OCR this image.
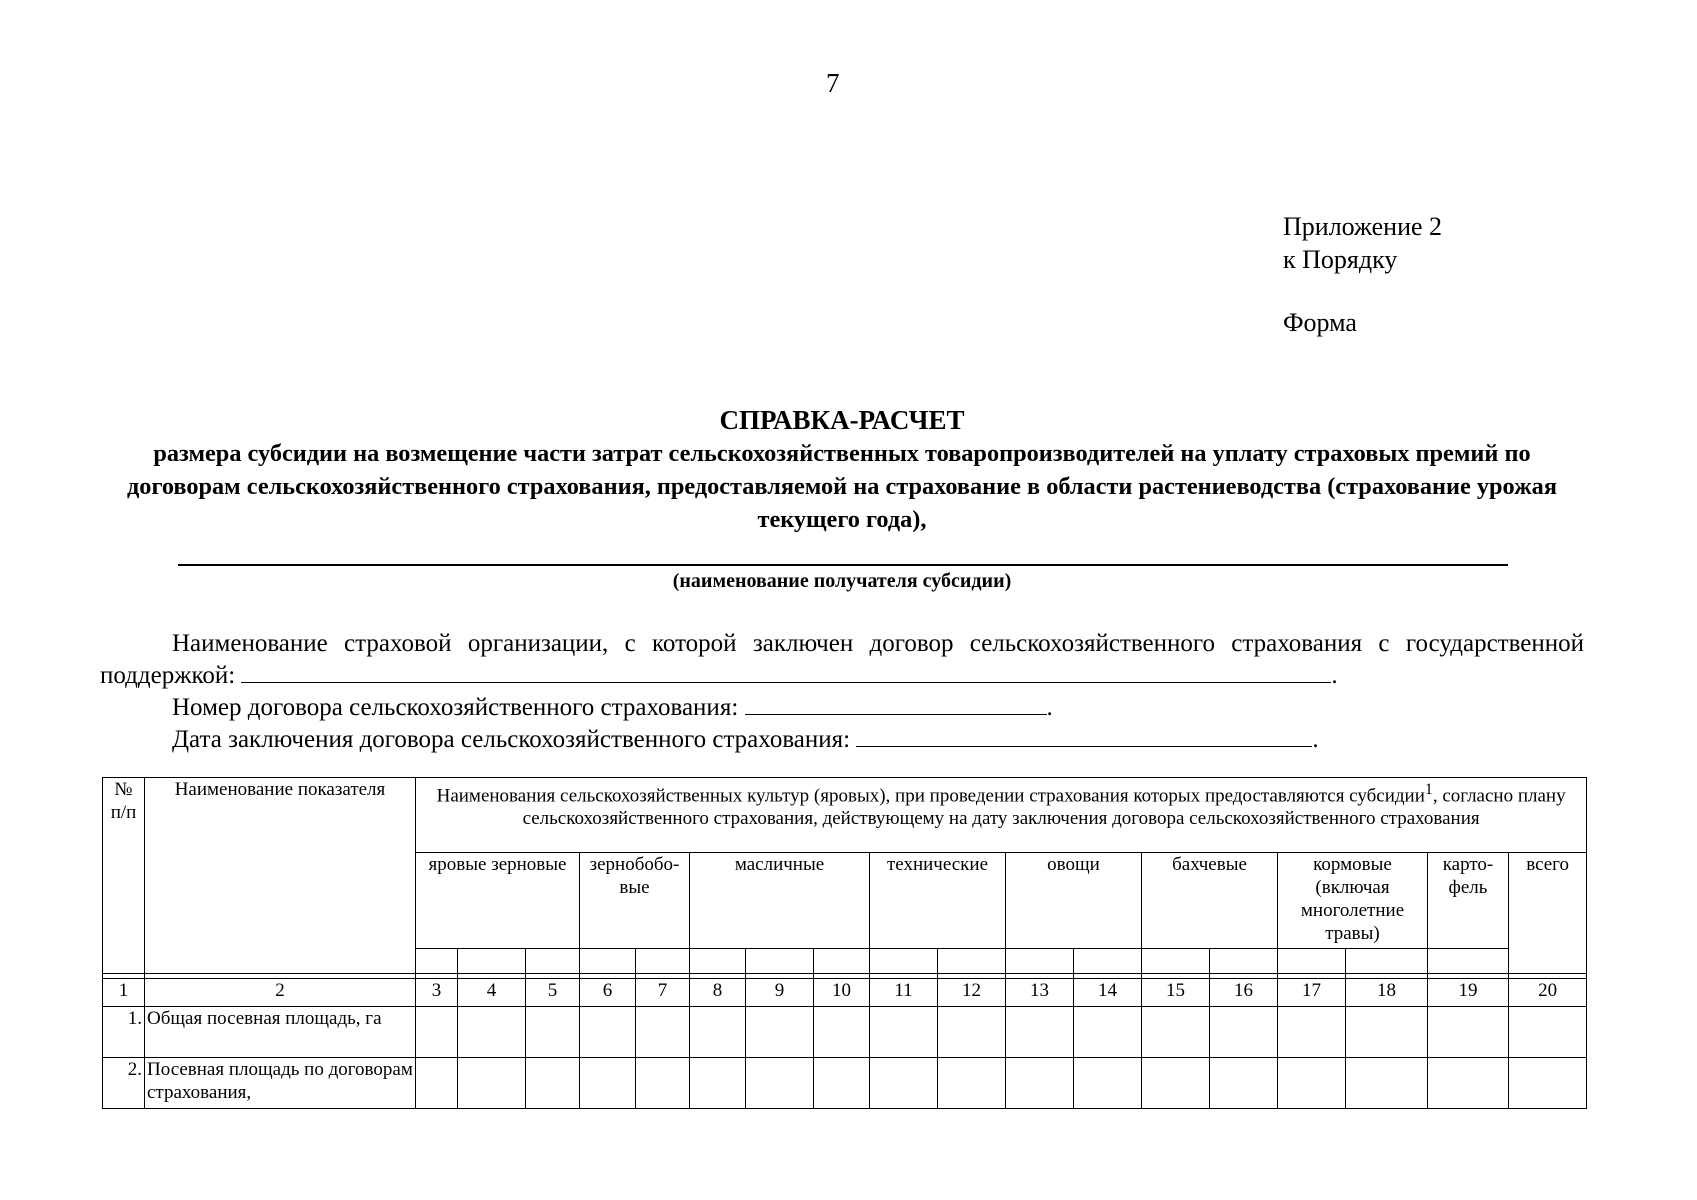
7
Приложение 2
к Порядку
Форма
СПРАВКА-РАСЧЕТ
размера субсидии на возмещение части затрат сельскохозяйственных товаропроизводителей на уплату страховых премий по договорам сельскохозяйственного страхования, предоставляемой на страхование в области растениеводства (страхование урожая текущего года),
(наименование получателя субсидии)

Наименование страховой организации, с которой заключен договор сельскохозяйственного страхования с государственной поддержкой:	.

Номер договора сельскохозяйственного страхования:	.

Дата заключения договора сельскохозяйственного страхования:	.

№ п/п	Наименование показателя	Наименования сельскохозяйственных культур (яровых), при проведении страхования которых предоставляются субсидии$^1$, согласно плану сельскохозяйственного страхования, действующему на дату заключения договора сельскохозяйственного страхования																	
		яровые зерновые			зернобобо-вые		масличные			технические		овощи		бахчевые		кормовые (включая многолетние травы)		карто-фель	всего

1	2	3	4	5	6	7	8	9	10	11	12	13	14	15	16	17	18	19	20
1.	Общая посевная площадь, га																		
2.	Посевная площадь по договорам страхования,																		
